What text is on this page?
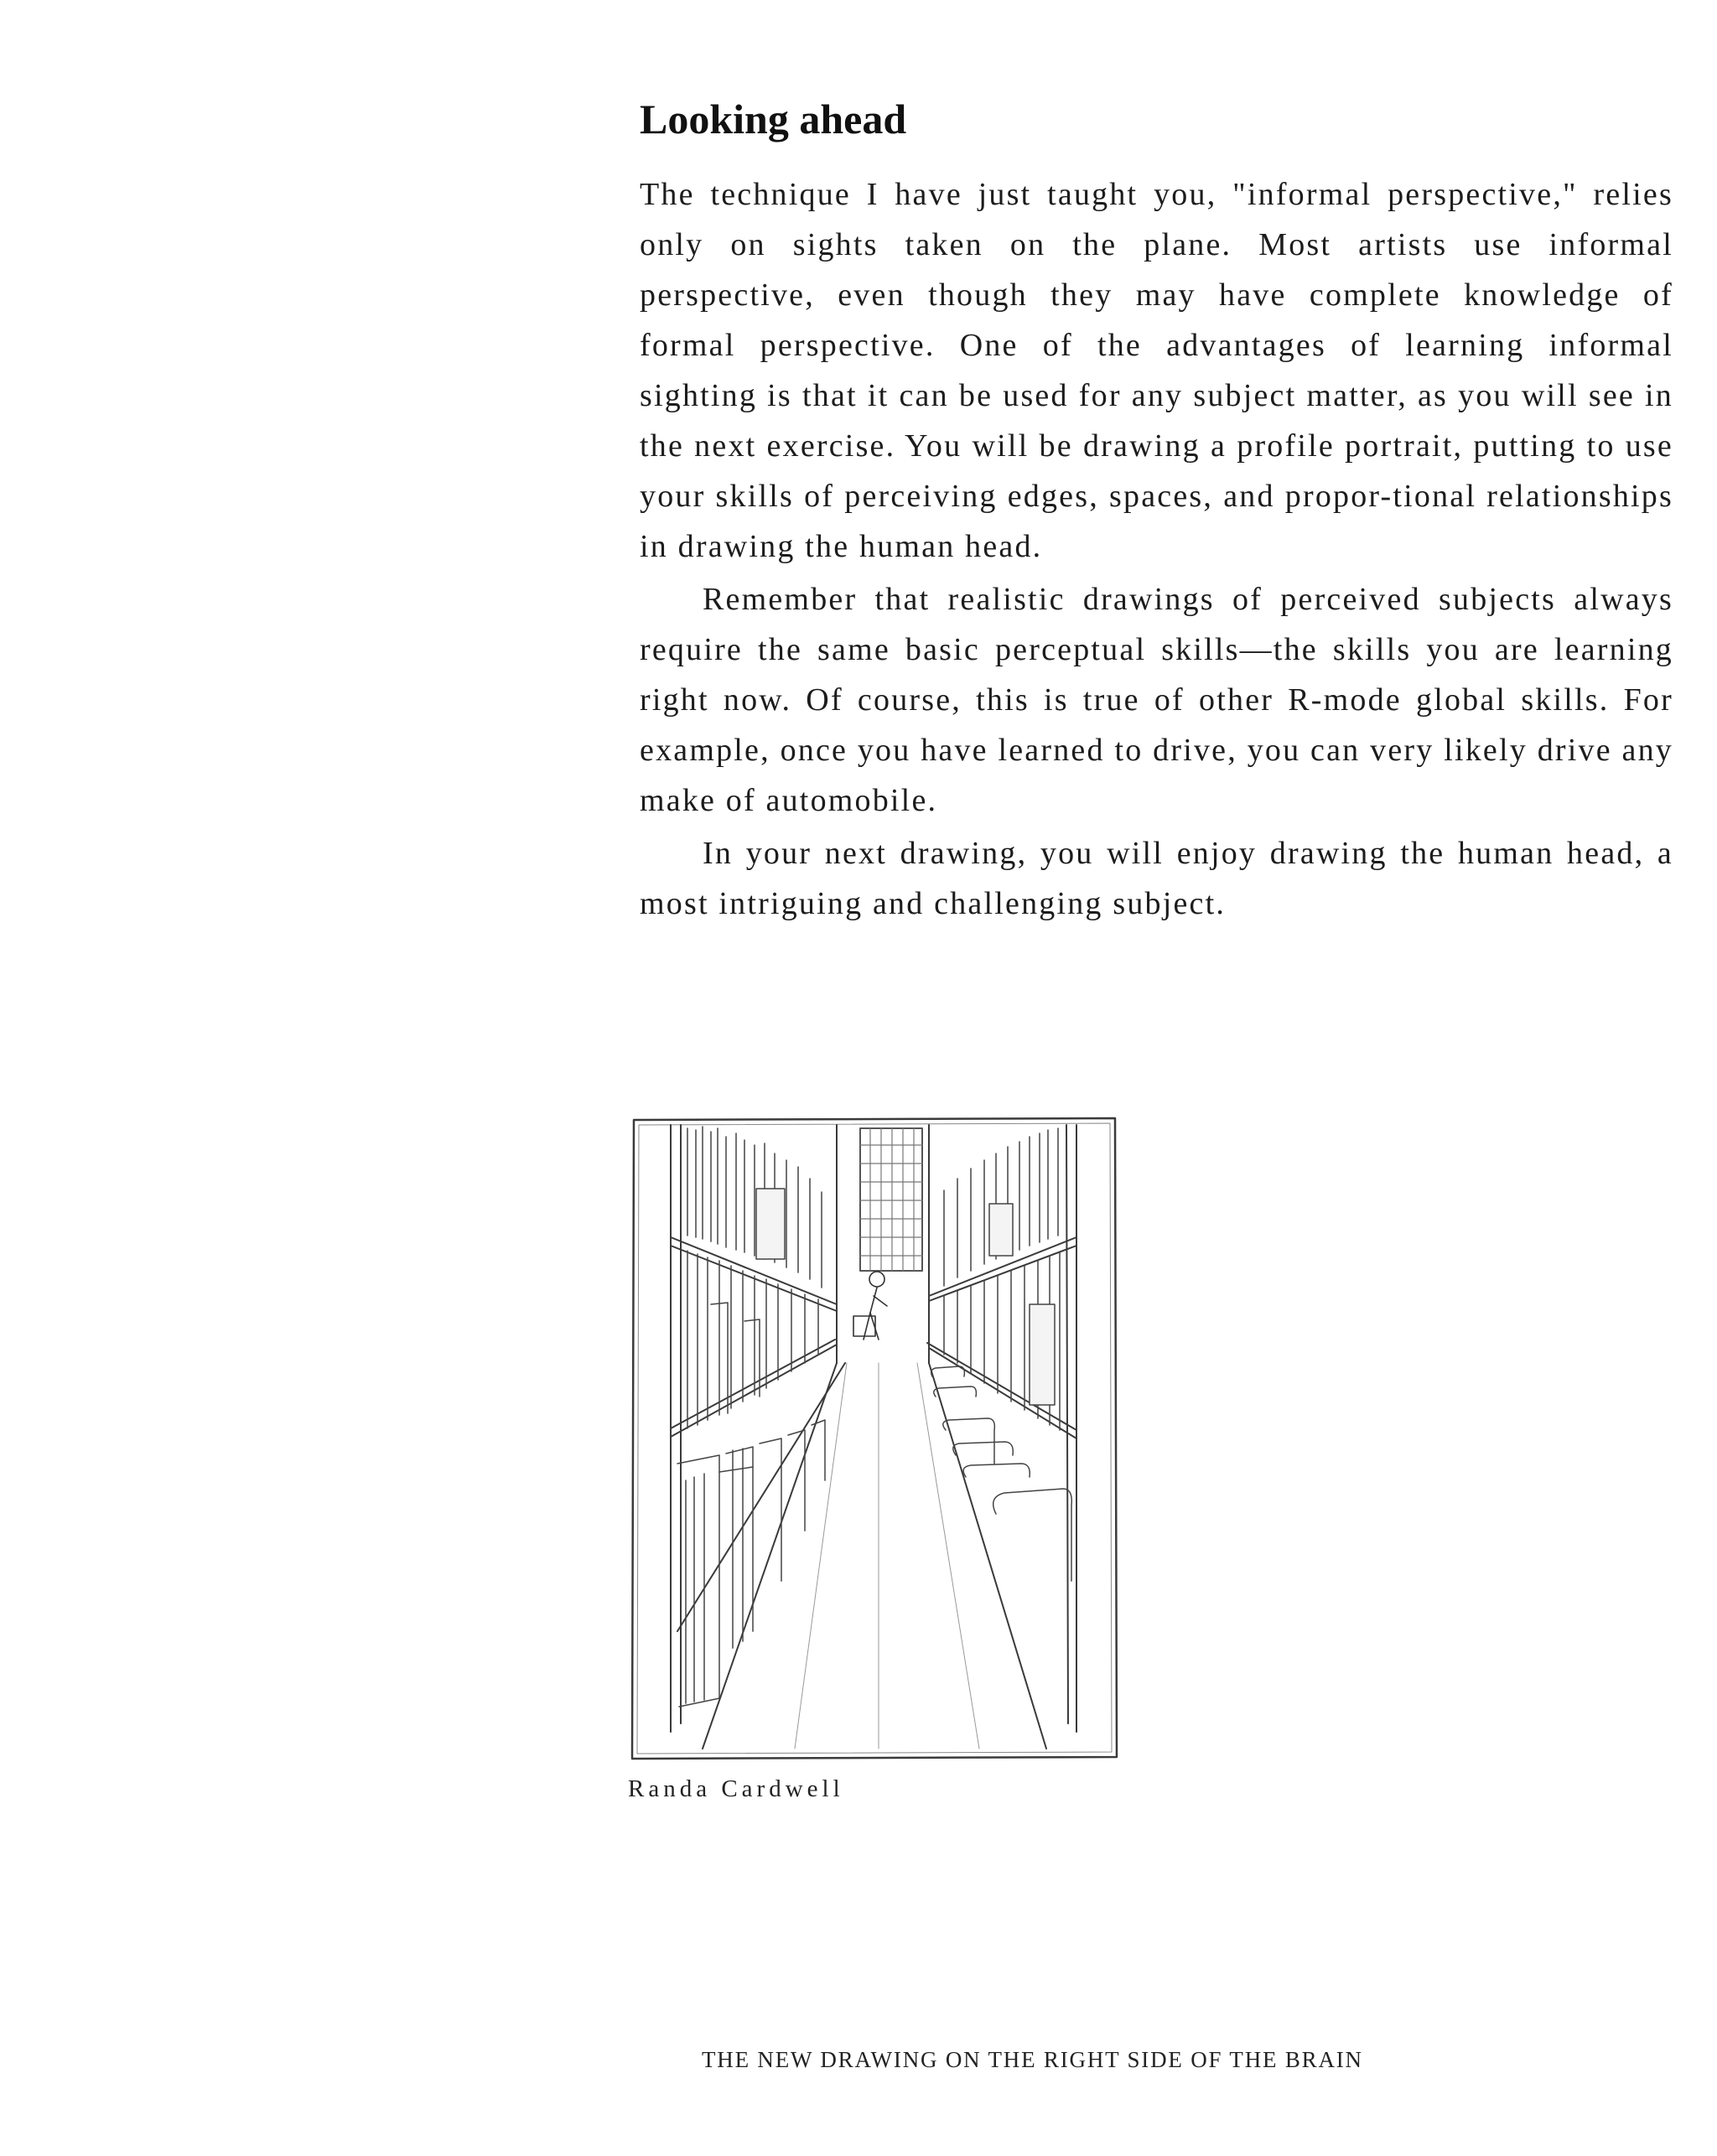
Looking ahead

The technique I have just taught you, "informal perspective," relies only on sights taken on the plane. Most artists use informal perspective, even though they may have complete knowledge of formal perspective. One of the advantages of learning informal sighting is that it can be used for any subject matter, as you will see in the next exercise. You will be drawing a profile portrait, putting to use your skills of perceiving edges, spaces, and propor-tional relationships in drawing the human head.

Remember that realistic drawings of perceived subjects always require the same basic perceptual skills—the skills you are learning right now. Of course, this is true of other R-mode global skills. For example, once you have learned to drive, you can very likely drive any make of automobile.

In your next drawing, you will enjoy drawing the human head, a most intriguing and challenging subject.

Randa Cardwell

THE NEW DRAWING ON THE RIGHT SIDE OF THE BRAIN
